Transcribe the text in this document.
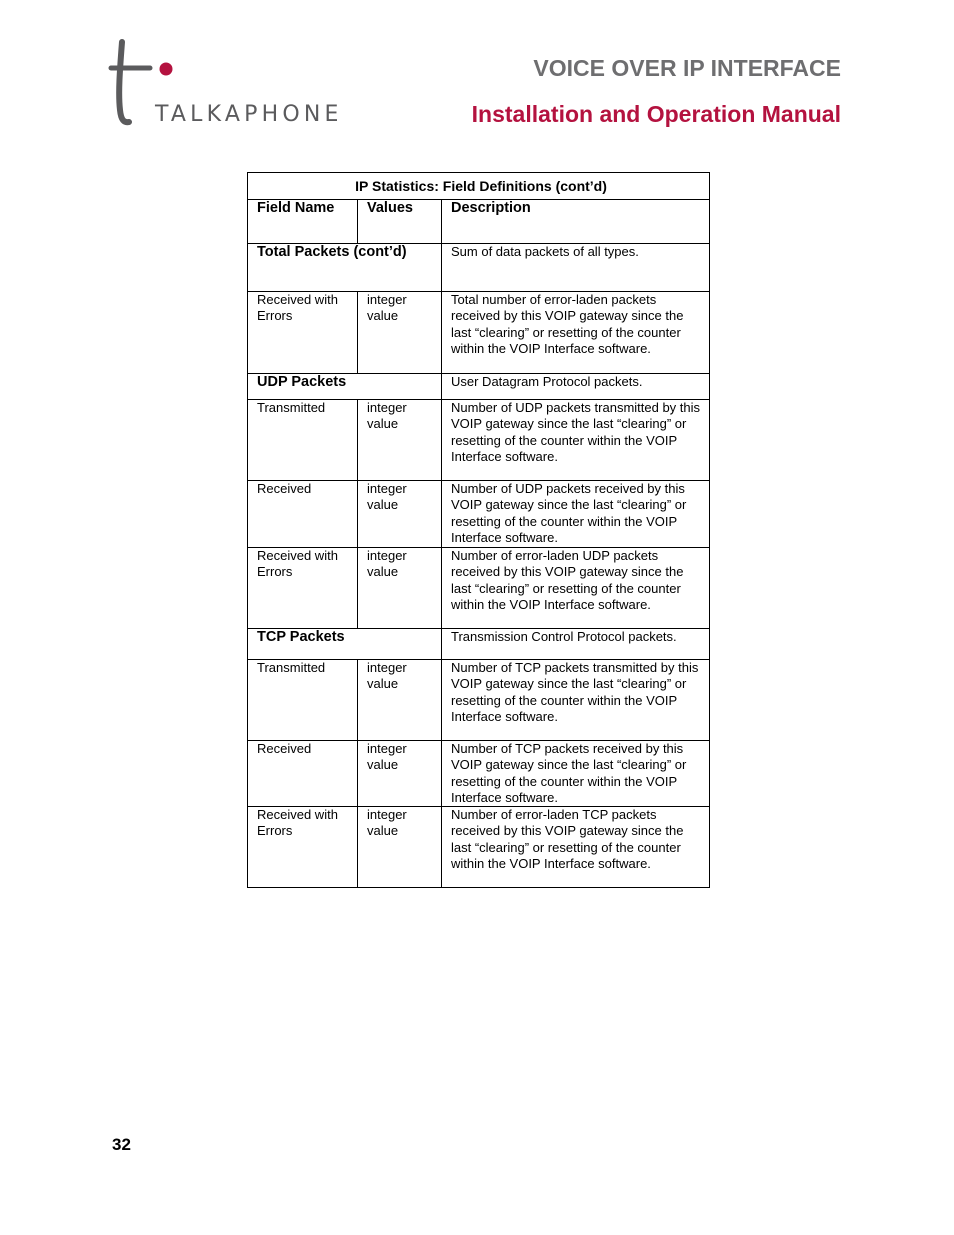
TALKAPHONE
VOICE OVER IP INTERFACE
Installation and Operation Manual
IP Statistics: Field Definitions (cont’d)		
Field Name	Values	Description
Total Packets (cont’d)		Sum of data packets of all types.
Received with Errors	integer value	Total number of error-laden packets received by this VOIP gateway since the last “clearing” or resetting of the counter within the VOIP Interface software.
UDP Packets		User Datagram Protocol packets.
Transmitted	integer value	Number of UDP packets transmitted by this VOIP gateway since the last “clearing” or resetting of the counter within the VOIP Interface software.
Received	integer value	Number of UDP packets received by this VOIP gateway since the last “clearing” or resetting of the counter within the VOIP Interface software.
Received with Errors	integer value	Number of error-laden UDP packets received by this VOIP gateway since the last “clearing” or resetting of the counter within the VOIP Interface software.
TCP Packets		Transmission Control Protocol packets.
Transmitted	integer value	Number of TCP packets transmitted by this VOIP gateway since the last “clearing” or resetting of the counter within the VOIP Interface software.
Received	integer value	Number of TCP packets received by this VOIP gateway since the last “clearing” or resetting of the counter within the VOIP Interface software.
Received with Errors	integer value	Number of error-laden TCP packets received by this VOIP gateway since the last “clearing” or resetting of the counter within the VOIP Interface software.
32
